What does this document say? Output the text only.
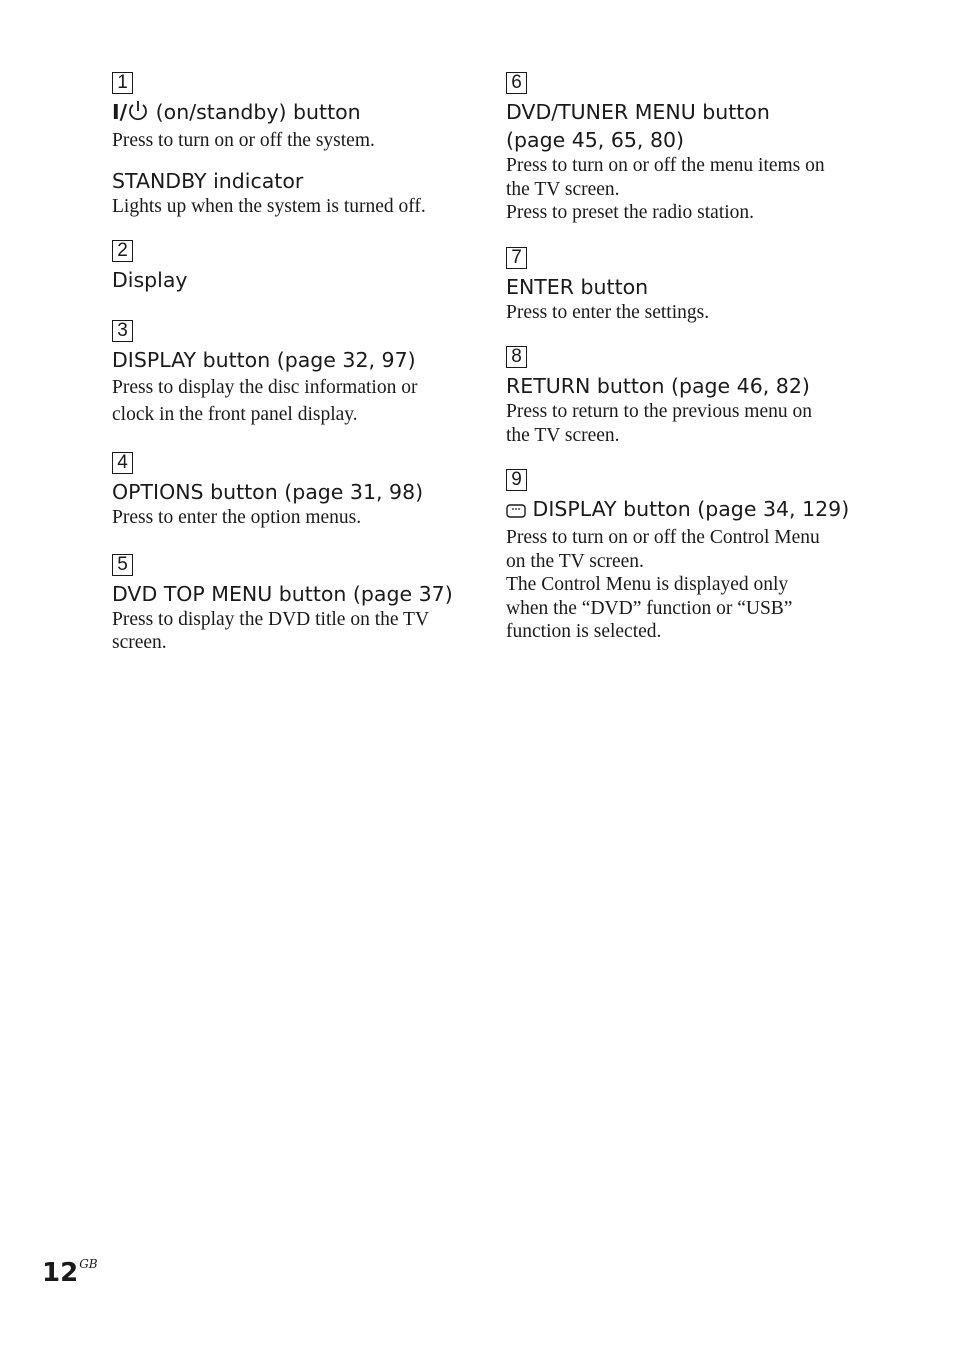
1
I/ (on/standby) button
Press to turn on or off the system.
STANDBY indicator
Lights up when the system is turned off.
2
Display
3
DISPLAY button (page 32, 97)
Press to display the disc information or
clock in the front panel display.
4
OPTIONS button (page 31, 98)
Press to enter the option menus.
5
DVD TOP MENU button (page 37)
Press to display the DVD title on the TV
screen.
6
DVD/TUNER MENU button
(page 45, 65, 80)
Press to turn on or off the menu items on
the TV screen.
Press to preset the radio station.
7
ENTER button
Press to enter the settings.
8
RETURN button (page 46, 82)
Press to return to the previous menu on
the TV screen.
9
DISPLAY button (page 34, 129)
Press to turn on or off the Control Menu
on the TV screen.
The Control Menu is displayed only
when the “DVD” function or “USB”
function is selected.
$12^{GB}$
